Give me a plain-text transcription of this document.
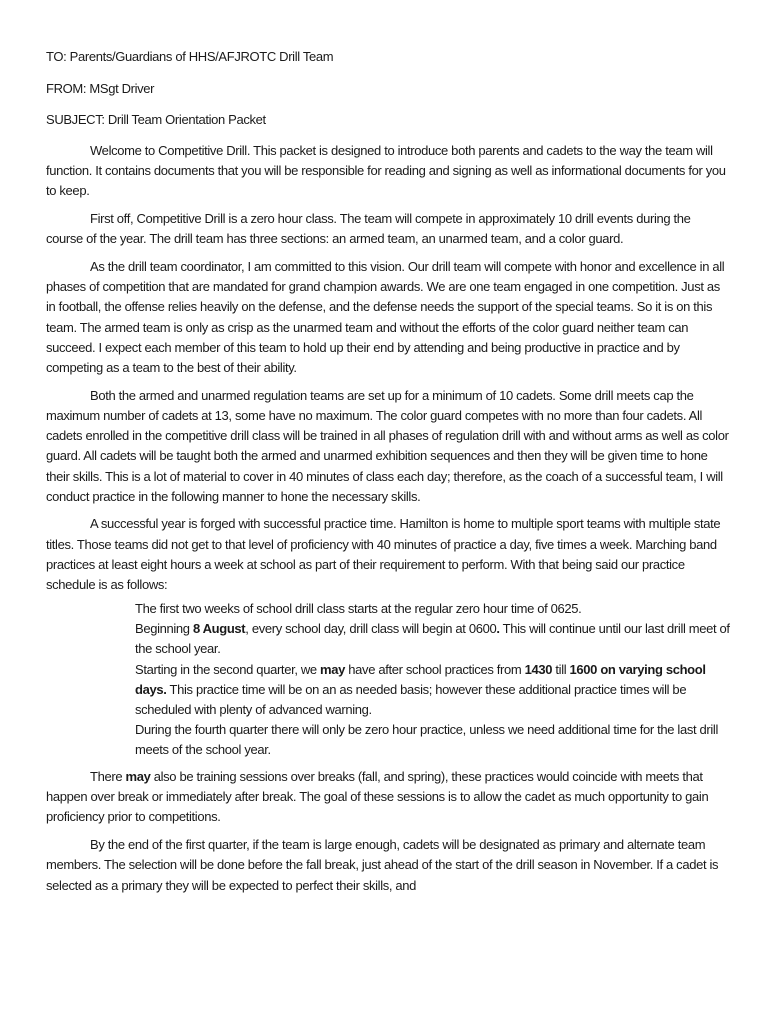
TO: Parents/Guardians of HHS/AFJROTC Drill Team
FROM: MSgt Driver
SUBJECT: Drill Team Orientation Packet

Welcome to Competitive Drill. This packet is designed to introduce both parents and cadets to the way the team will function. It contains documents that you will be responsible for reading and signing as well as informational documents for you to keep.

First off, Competitive Drill is a zero hour class. The team will compete in approximately 10 drill events during the course of the year. The drill team has three sections: an armed team, an unarmed team, and a color guard.

As the drill team coordinator, I am committed to this vision. Our drill team will compete with honor and excellence in all phases of competition that are mandated for grand champion awards. We are one team engaged in one competition. Just as in football, the offense relies heavily on the defense, and the defense needs the support of the special teams. So it is on this team. The armed team is only as crisp as the unarmed team and without the efforts of the color guard neither team can succeed. I expect each member of this team to hold up their end by attending and being productive in practice and by competing as a team to the best of their ability.

Both the armed and unarmed regulation teams are set up for a minimum of 10 cadets. Some drill meets cap the maximum number of cadets at 13, some have no maximum. The color guard competes with no more than four cadets. All cadets enrolled in the competitive drill class will be trained in all phases of regulation drill with and without arms as well as color guard. All cadets will be taught both the armed and unarmed exhibition sequences and then they will be given time to hone their skills. This is a lot of material to cover in 40 minutes of class each day; therefore, as the coach of a successful team, I will conduct practice in the following manner to hone the necessary skills.

A successful year is forged with successful practice time. Hamilton is home to multiple sport teams with multiple state titles. Those teams did not get to that level of proficiency with 40 minutes of practice a day, five times a week. Marching band practices at least eight hours a week at school as part of their requirement to perform. With that being said our practice schedule is as follows:

The first two weeks of school drill class starts at the regular zero hour time of 0625.
Beginning 8 August, every school day, drill class will begin at 0600. This will continue until our last drill meet of the school year.
Starting in the second quarter, we may have after school practices from 1430 till 1600 on varying school days. This practice time will be on an as needed basis; however these additional practice times will be scheduled with plenty of advanced warning.
During the fourth quarter there will only be zero hour practice, unless we need additional time for the last drill meets of the school year.

There may also be training sessions over breaks (fall, and spring), these practices would coincide with meets that happen over break or immediately after break. The goal of these sessions is to allow the cadet as much opportunity to gain proficiency prior to competitions.

By the end of the first quarter, if the team is large enough, cadets will be designated as primary and alternate team members. The selection will be done before the fall break, just ahead of the start of the drill season in November. If a cadet is selected as a primary they will be expected to perfect their skills, and
